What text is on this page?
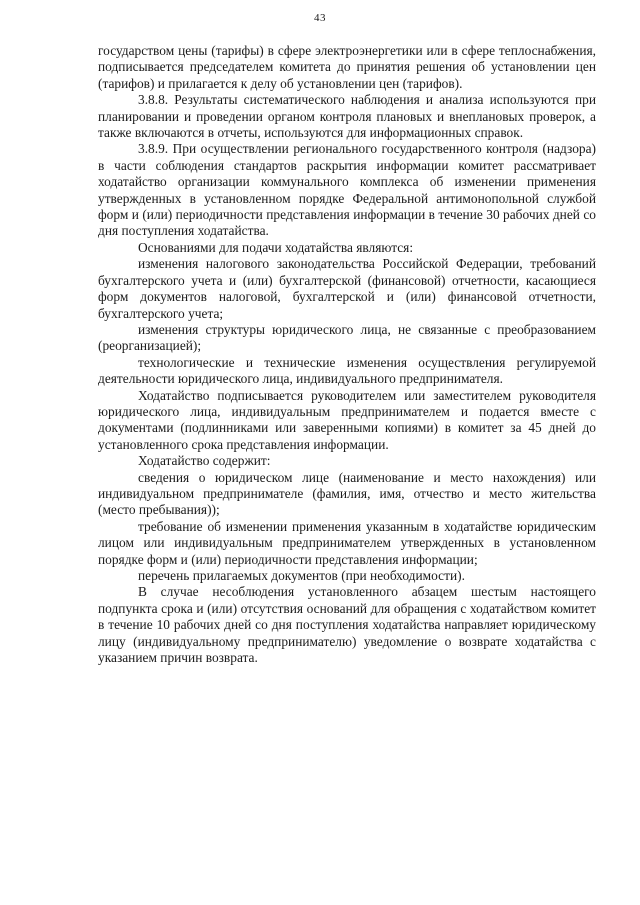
43

государством цены (тарифы) в сфере электроэнергетики или в сфере теплоснабжения, подписывается председателем комитета до принятия решения об установлении цен (тарифов) и прилагается к делу об установлении цен (тарифов).

3.8.8. Результаты систематического наблюдения и анализа используются при планировании и проведении органом контроля плановых и внеплановых проверок, а также включаются в отчеты, используются для информационных справок.

3.8.9. При осуществлении регионального государственного контроля (надзора) в части соблюдения стандартов раскрытия информации комитет рассматривает ходатайство организации коммунального комплекса об изменении применения утвержденных в установленном порядке Федеральной антимонопольной службой форм и (или) периодичности представления информации в течение 30 рабочих дней со дня поступления ходатайства.

Основаниями для подачи ходатайства являются:

изменения налогового законодательства Российской Федерации, требований бухгалтерского учета и (или) бухгалтерской (финансовой) отчетности, касающиеся форм документов налоговой, бухгалтерской и (или) финансовой отчетности, бухгалтерского учета;

изменения структуры юридического лица, не связанные с преобразованием (реорганизацией);

технологические и технические изменения осуществления регулируемой деятельности юридического лица, индивидуального предпринимателя.

Ходатайство подписывается руководителем или заместителем руководителя юридического лица, индивидуальным предпринимателем и подается вместе с документами (подлинниками или заверенными копиями) в комитет за 45 дней до установленного срока представления информации.

Ходатайство содержит:

сведения о юридическом лице (наименование и место нахождения) или индивидуальном предпринимателе (фамилия, имя, отчество и место жительства (место пребывания));

требование об изменении применения указанным в ходатайстве юридическим лицом или индивидуальным предпринимателем утвержденных в установленном порядке форм и (или) периодичности представления информации;

перечень прилагаемых документов (при необходимости).

В случае несоблюдения установленного абзацем шестым настоящего подпункта срока и (или) отсутствия оснований для обращения с ходатайством комитет в течение 10 рабочих дней со дня поступления ходатайства направляет юридическому лицу (индивидуальному предпринимателю) уведомление о возврате ходатайства с указанием причин возврата.
